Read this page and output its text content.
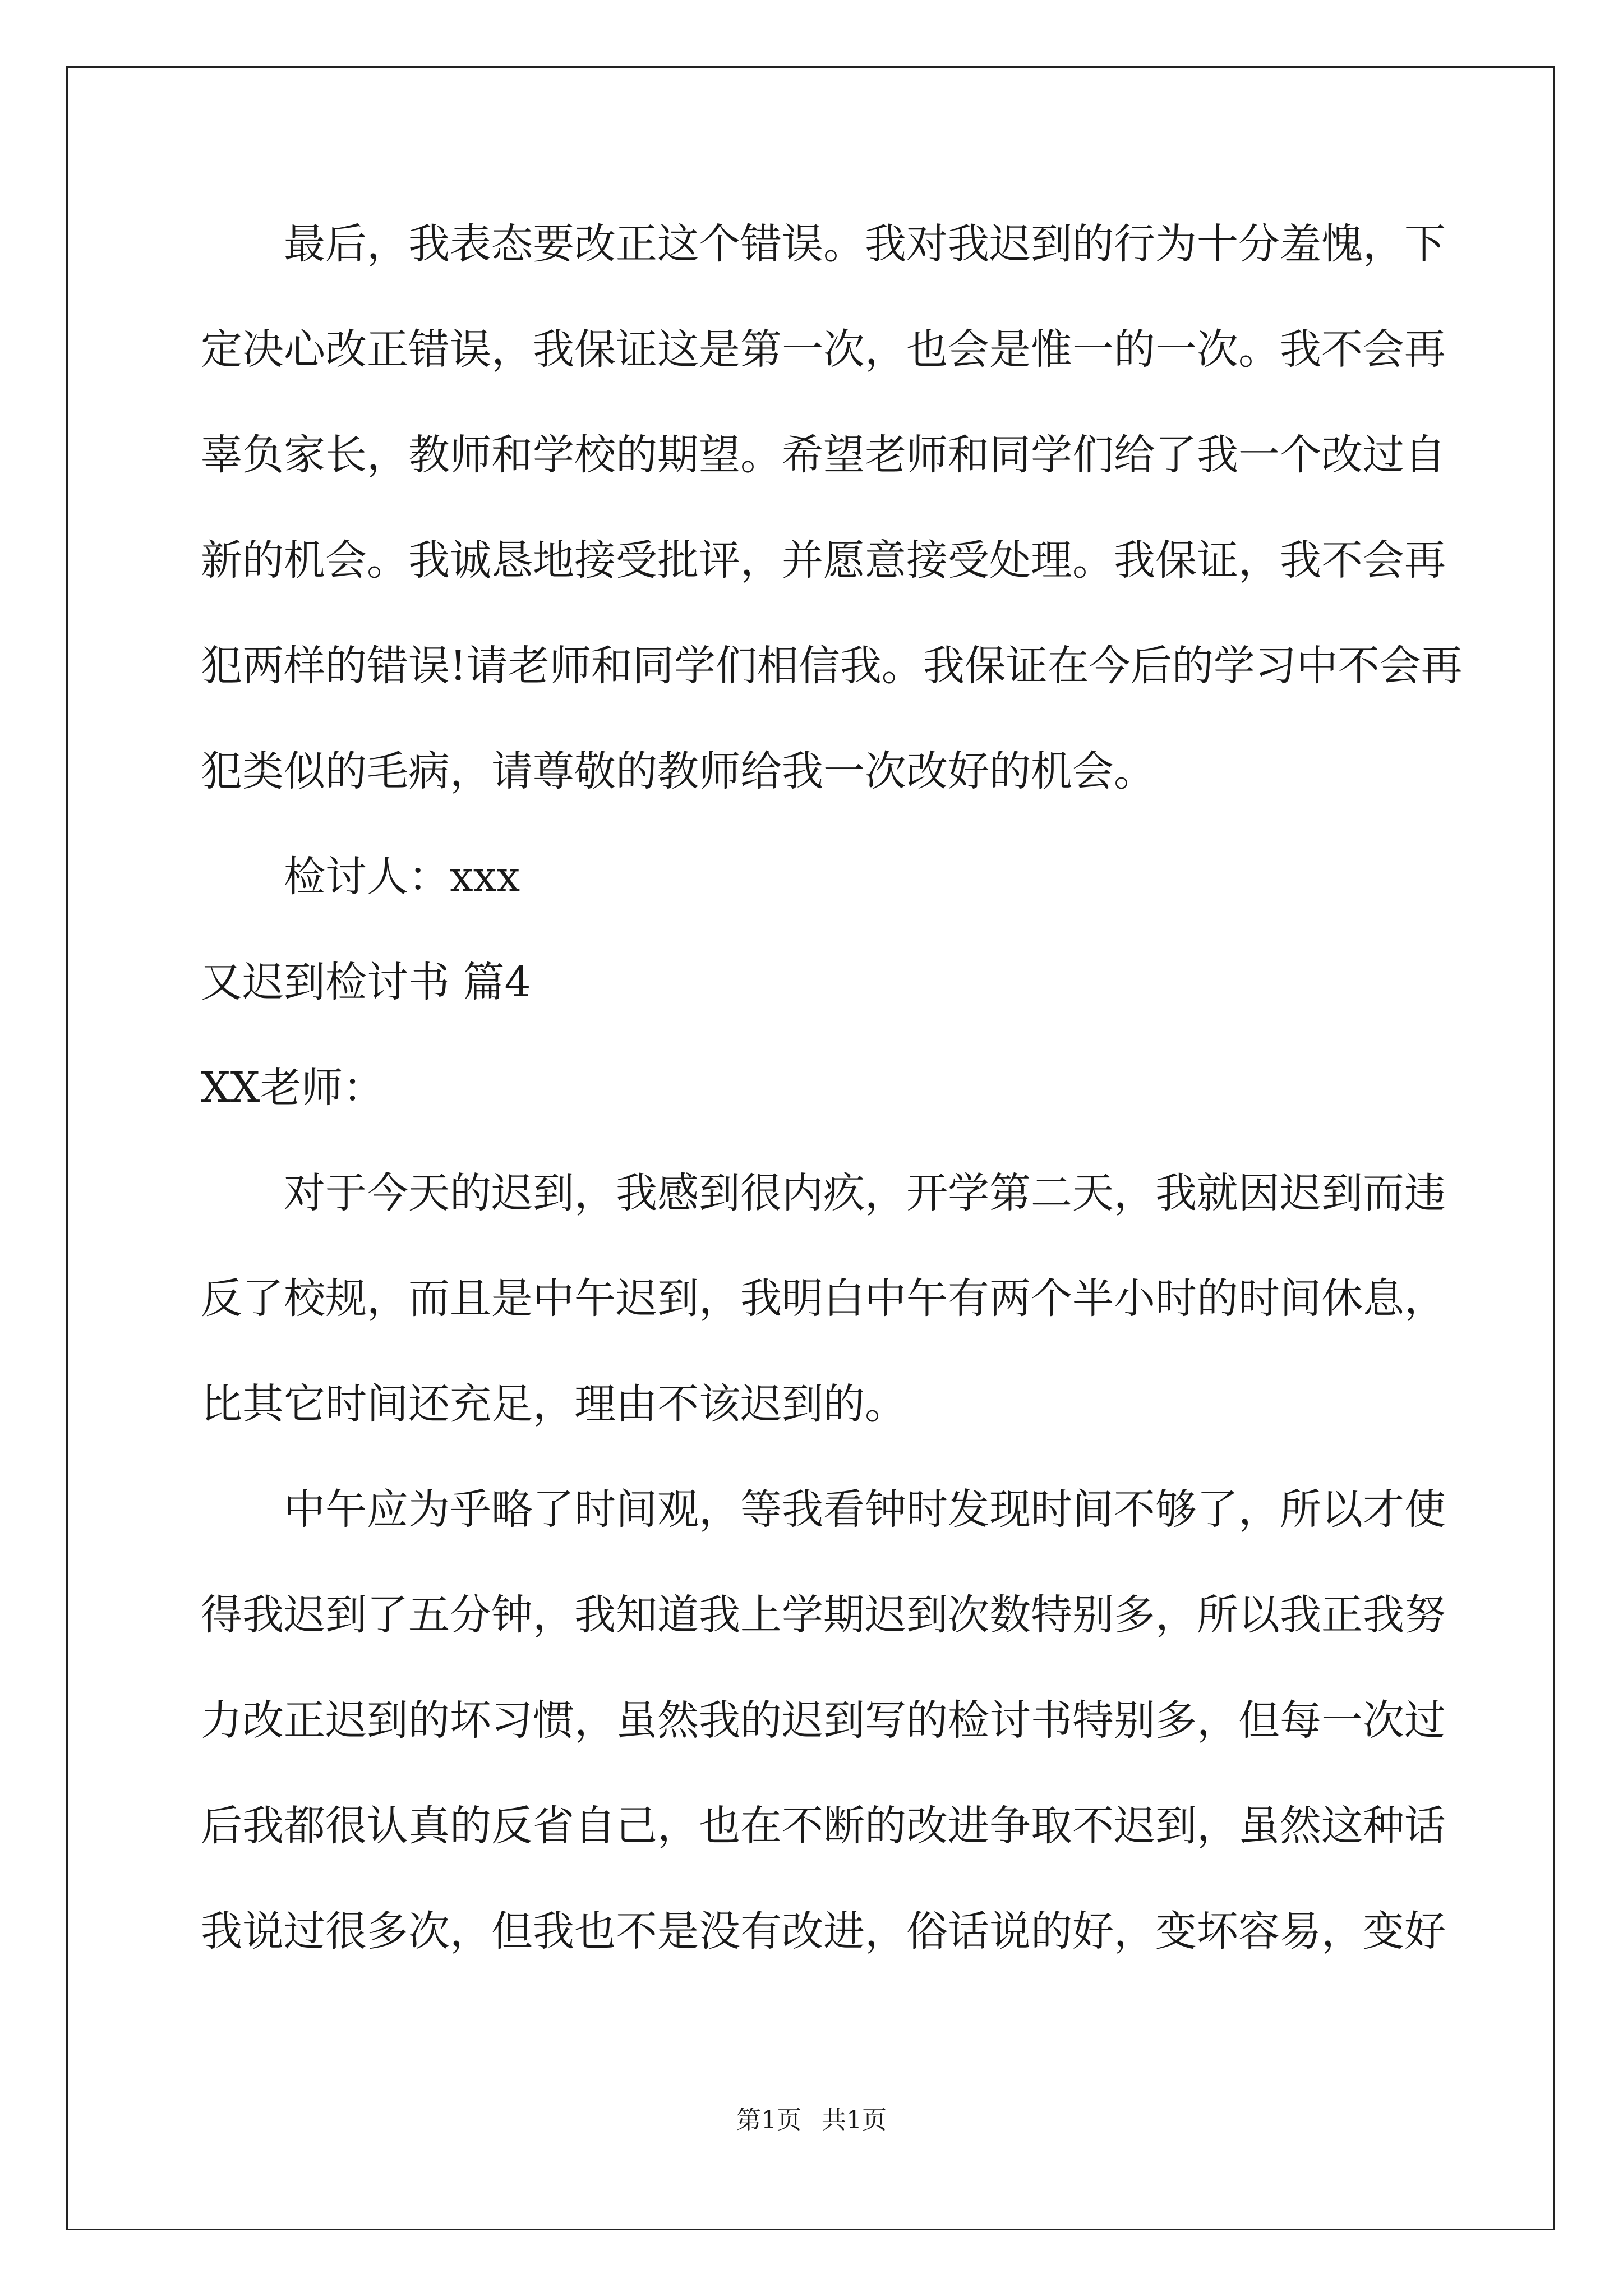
　　最后，我表态要改正这个错误。我对我迟到的行为十分羞愧，下
定决心改正错误，我保证这是第一次，也会是惟一的一次。我不会再
辜负家长，教师和学校的期望。希望老师和同学们给了我一个改过自
新的机会。我诚恳地接受批评，并愿意接受处理。我保证，我不会再
犯两样的错误!请老师和同学们相信我。我保证在今后的学习中不会再
犯类似的毛病，请尊敬的教师给我一次改好的机会。
　　检讨人：xxx
又迟到检讨书 篇4
XX老师：
　　对于今天的迟到，我感到很内疚，开学第二天，我就因迟到而违
反了校规，而且是中午迟到，我明白中午有两个半小时的时间休息，
比其它时间还充足，理由不该迟到的。
　　中午应为乎略了时间观，等我看钟时发现时间不够了，所以才使
得我迟到了五分钟，我知道我上学期迟到次数特别多，所以我正我努
力改正迟到的坏习惯，虽然我的迟到写的检讨书特别多，但每一次过
后我都很认真的反省自己，也在不断的改进争取不迟到，虽然这种话
我说过很多次，但我也不是没有改进，俗话说的好，变坏容易，变好
第1页 共1页
